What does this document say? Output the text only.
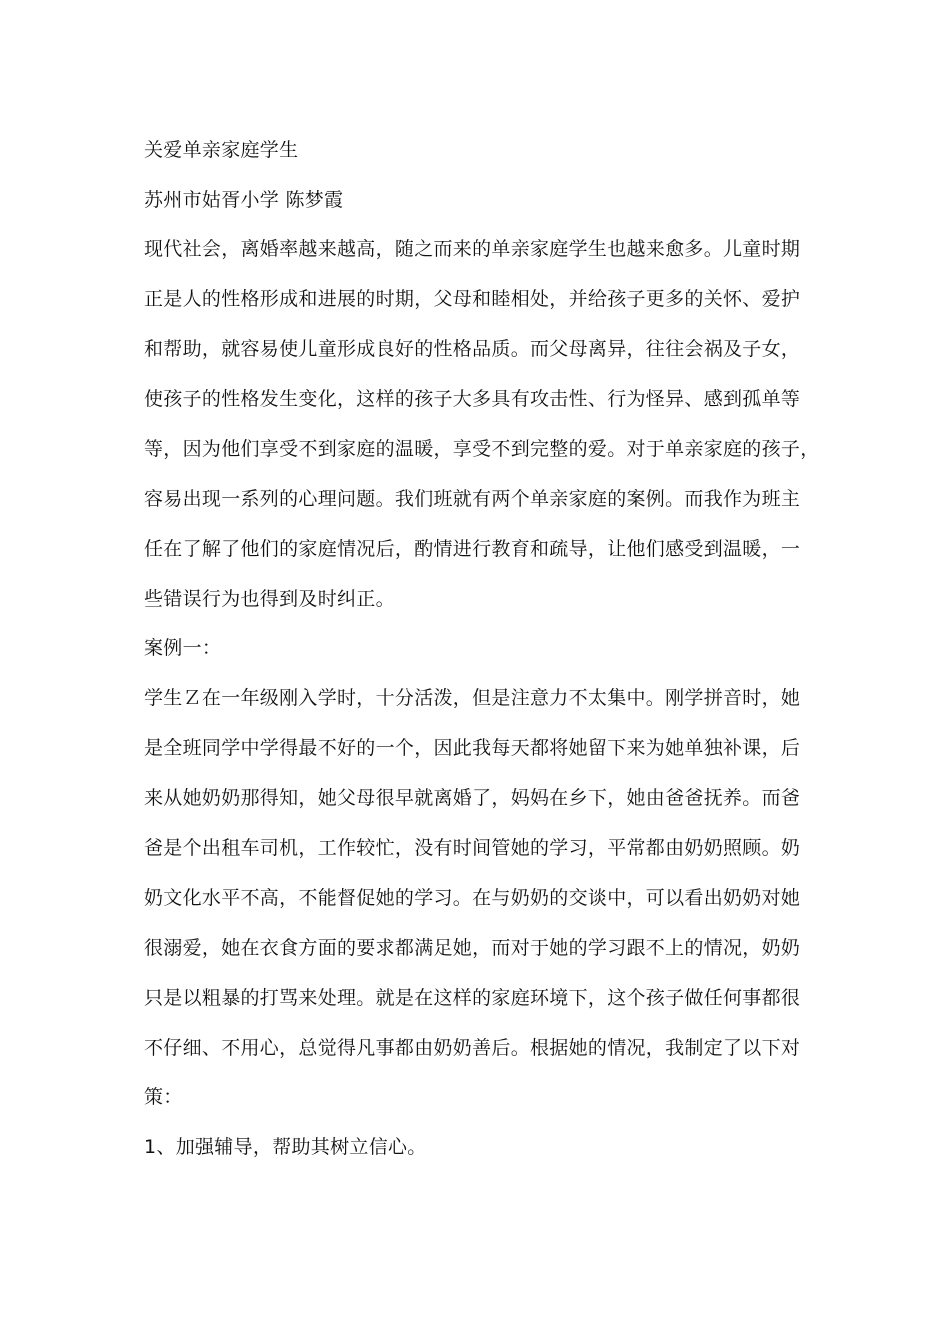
关爱单亲家庭学生
苏州市姑胥小学 陈梦霞
现代社会，离婚率越来越高，随之而来的单亲家庭学生也越来愈多。儿童时期
正是人的性格形成和进展的时期，父母和睦相处，并给孩子更多的关怀、爱护
和帮助，就容易使儿童形成良好的性格品质。而父母离异，往往会祸及子女，
使孩子的性格发生变化，这样的孩子大多具有攻击性、行为怪异、感到孤单等
等，因为他们享受不到家庭的温暖，享受不到完整的爱。对于单亲家庭的孩子，
容易出现一系列的心理问题。我们班就有两个单亲家庭的案例。而我作为班主
任在了解了他们的家庭情况后，酌情进行教育和疏导，让他们感受到温暖，一
些错误行为也得到及时纠正。
案例一：
学生Ｚ在一年级刚入学时，十分活泼，但是注意力不太集中。刚学拼音时，她
是全班同学中学得最不好的一个，因此我每天都将她留下来为她单独补课，后
来从她奶奶那得知，她父母很早就离婚了，妈妈在乡下，她由爸爸抚养。而爸
爸是个出租车司机，工作较忙，没有时间管她的学习，平常都由奶奶照顾。奶
奶文化水平不高，不能督促她的学习。在与奶奶的交谈中，可以看出奶奶对她
很溺爱，她在衣食方面的要求都满足她，而对于她的学习跟不上的情况，奶奶
只是以粗暴的打骂来处理。就是在这样的家庭环境下，这个孩子做任何事都很
不仔细、不用心，总觉得凡事都由奶奶善后。根据她的情况，我制定了以下对
策：
1、加强辅导，帮助其树立信心。
